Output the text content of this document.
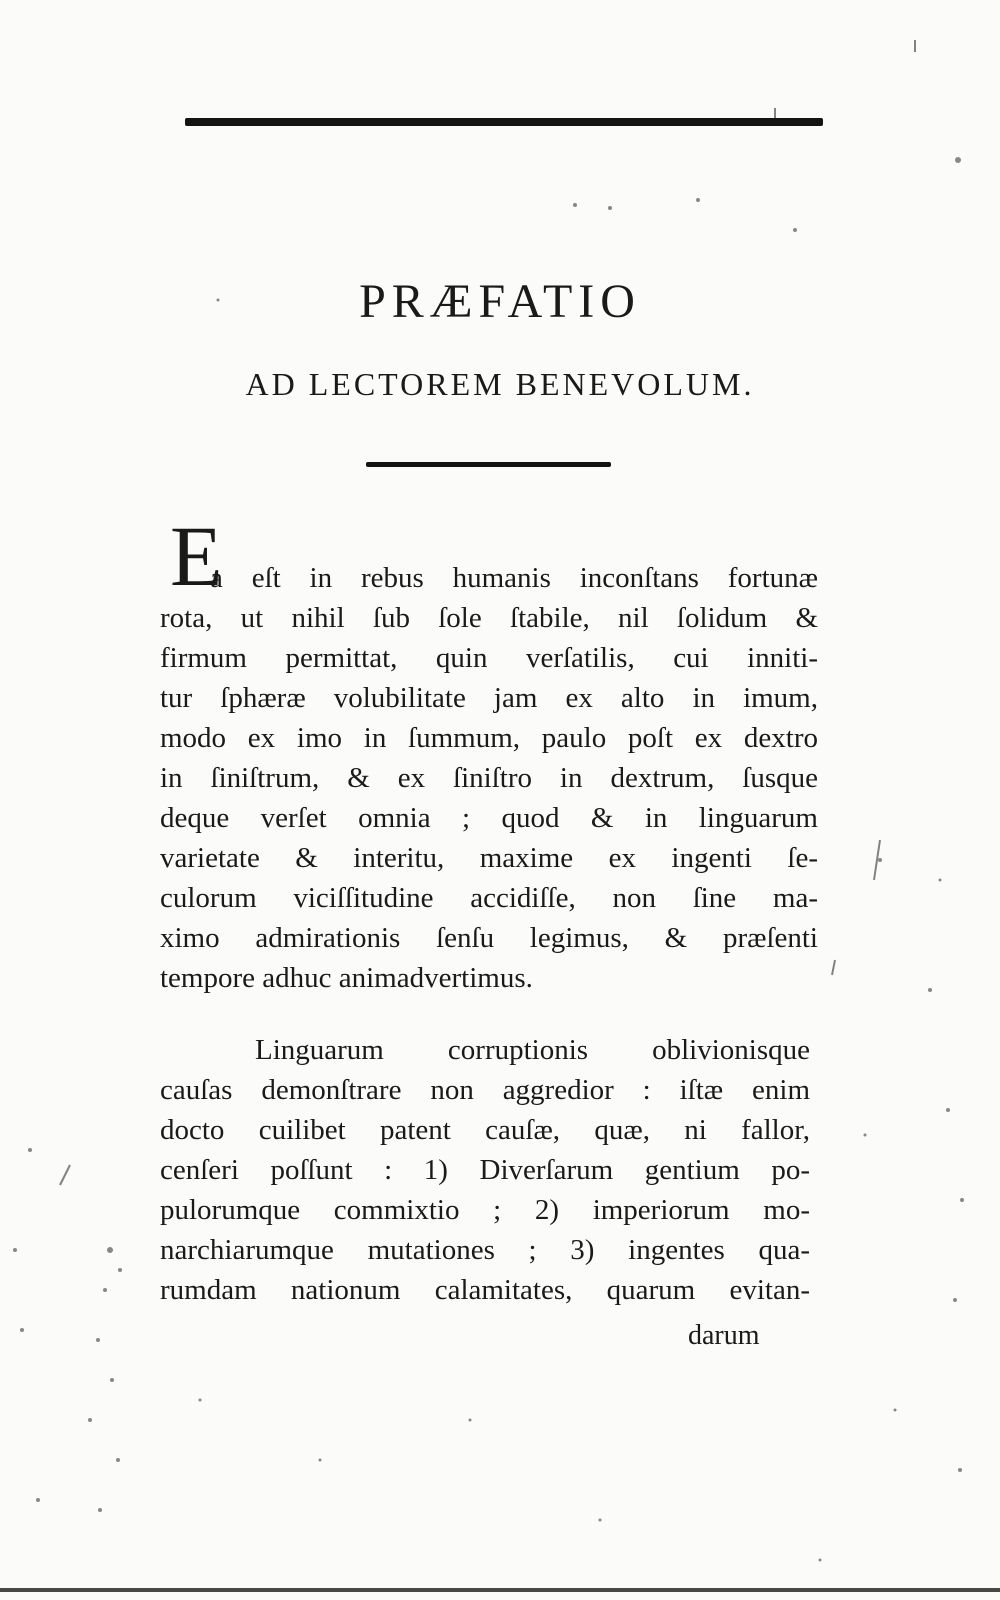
PRÆFATIO
AD LECTOREM BENEVOLUM.
E
a eſt in rebus humanis inconſtans fortunæ
rota, ut nihil ſub ſole ſtabile, nil ſolidum &
firmum permittat, quin verſatilis, cui inniti-
tur ſphæræ volubilitate jam ex alto in imum,
modo ex imo in ſummum, paulo poſt ex dextro
in ſiniſtrum, & ex ſiniſtro in dextrum, ſusque
deque verſet omnia ; quod & in linguarum
varietate & interitu, maxime ex ingenti ſe-
culorum viciſſitudine accidiſſe, non ſine ma-
ximo admirationis ſenſu legimus, & præſenti
tempore adhuc animadvertimus.
Linguarum corruptionis oblivionisque
cauſas demonſtrare non aggredior : iſtæ enim
docto cuilibet patent cauſæ, quæ, ni fallor,
cenſeri poſſunt : 1) Diverſarum gentium po-
pulorumque commixtio ; 2) imperiorum mo-
narchiarumque mutationes ; 3) ingentes qua-
rumdam nationum calamitates, quarum evitan-
darum
